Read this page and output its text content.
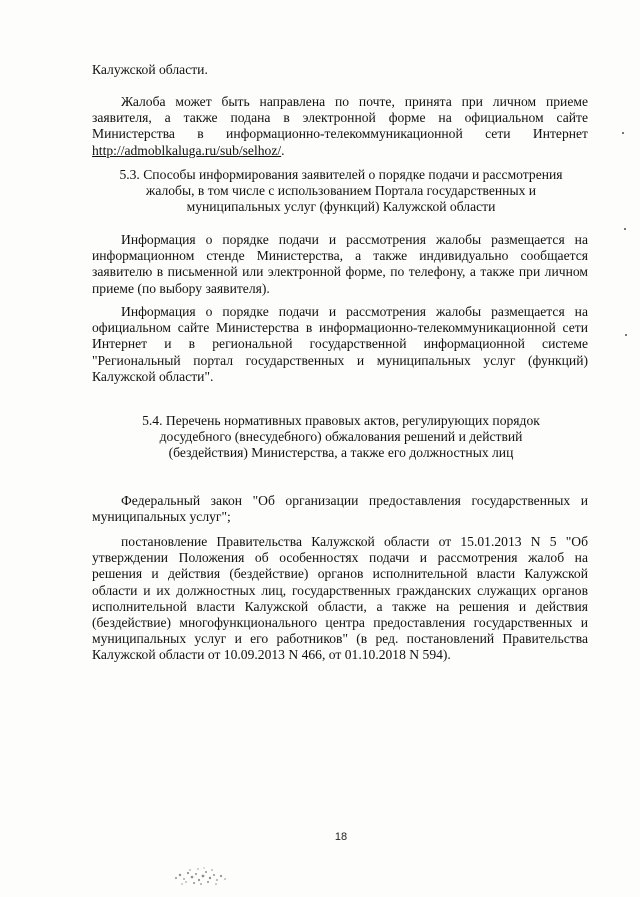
Калужской области.

Жалоба может быть направлена по почте, принята при личном приеме
заявителя, а также подана в электронной форме на официальном сайте
Министерства в информационно-телекоммуникационной сети Интернет
http://admoblkaluga.ru/sub/selhoz/.
5.3. Способы информирования заявителей о порядке подачи и рассмотрения
жалобы, в том числе с использованием Портала государственных и
муниципальных услуг (функций) Калужской области
Информация о порядке подачи и рассмотрения жалобы размещается на
информационном стенде Министерства, а также индивидуально сообщается
заявителю в письменной или электронной форме, по телефону, а также при личном
приеме (по выбору заявителя).
Информация о порядке подачи и рассмотрения жалобы размещается на
официальном сайте Министерства в информационно-телекоммуникационной сети
Интернет и в региональной государственной информационной системе
"Региональный портал государственных и муниципальных услуг (функций)
Калужской области".
5.4. Перечень нормативных правовых актов, регулирующих порядок
досудебного (внесудебного) обжалования решений и действий
(бездействия) Министерства, а также его должностных лиц
Федеральный закон "Об организации предоставления государственных и
муниципальных услуг";
постановление Правительства Калужской области от 15.01.2013 N 5 "Об
утверждении Положения об особенностях подачи и рассмотрения жалоб на
решения и действия (бездействие) органов исполнительной власти Калужской
области и их должностных лиц, государственных гражданских служащих органов
исполнительной власти Калужской области, а также на решения и действия
(бездействие) многофункционального центра предоставления государственных и
муниципальных услуг и его работников" (в ред. постановлений Правительства
Калужской области от 10.09.2013 N 466, от 01.10.2018 N 594).
18
